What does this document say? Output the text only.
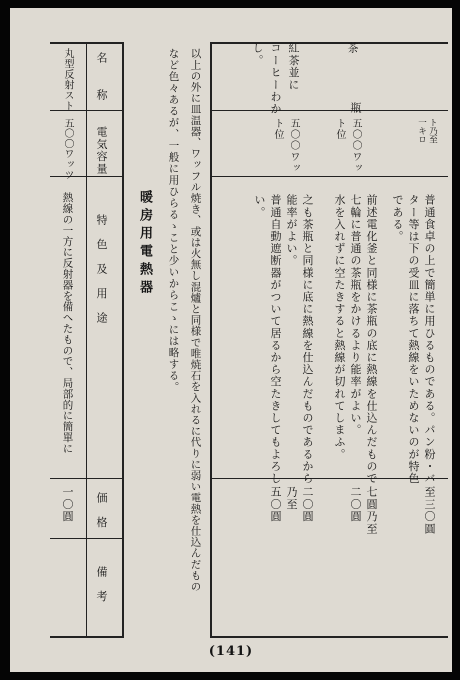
茶
紅茶並に
コーヒーわか
し。
ト乃至
一キロ
瓶
五〇〇ワッ
ト位
五〇〇ワッ
ト位
普通食卓の上で簡単に用ひるものである。パン粉・バ
ター等は下の受皿に落ちて熱線をいためないのが特色
である。
前述電化釜と同様に茶瓶の底に熱線を仕込んだもので
七輪に普通の茶瓶をかけるより能率がよい。
水を入れずに空たきすると熱線が切れてしまふ。
之も茶瓶と同様に底に熱線を仕込んだものであるから
能率がよい。
普通自動遮断器がついて居るから空たきしてもよろし
い。
至三〇圓
七圓乃至
二〇圓
二〇圓
乃至
五〇圓
以上の外に皿温器、ワッフル焼き、或は火無し混爐と同様で唯焼石を入れるに代りに弱い電熱を仕込んだもの
など色々あるが、一般に用ひらるゝこと少いからこゝには略する。
暖房用電熱器
名　　称
電気容量
特　色　及　用　途
価　格
備　考
丸型反射スト
五〇〇ワッツ
熱線の一方に反射器を備へたもので、局部的に簡單に
一〇圓
(141)
